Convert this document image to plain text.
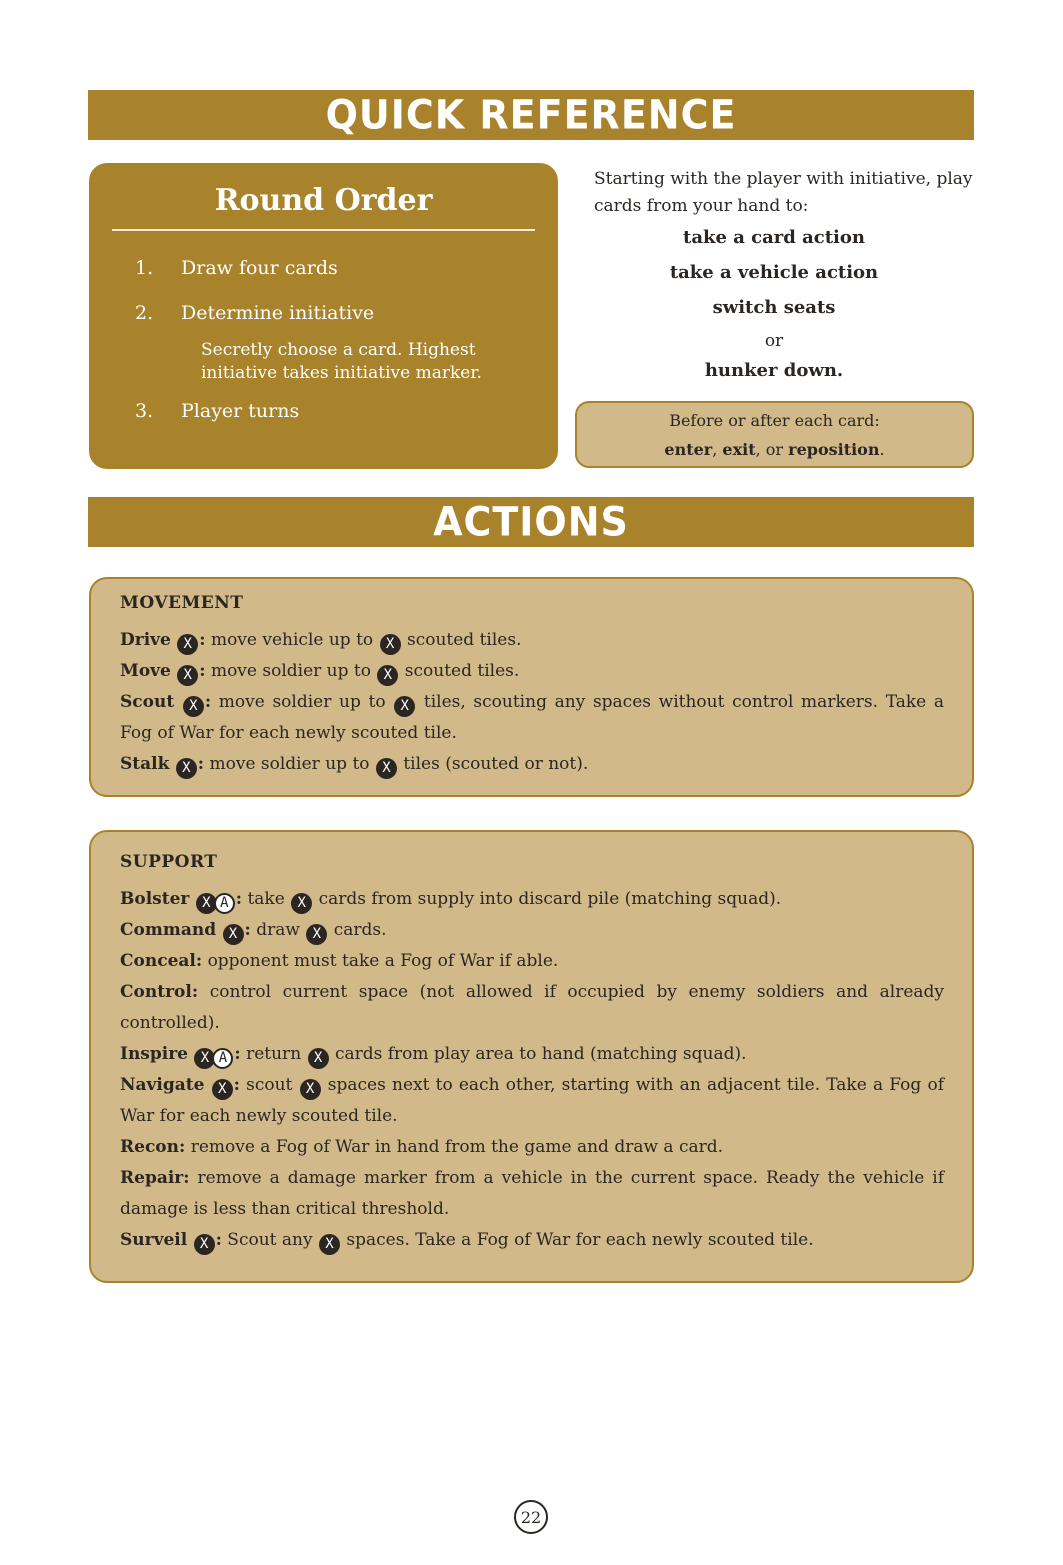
QUICK REFERENCE
Round Order
1. Draw four cards
2. Determine initiative
Secretly choose a card. Highest initiative takes initiative marker.
3. Player turns
Starting with the player with initiative, play cards from your hand to:
take a card action
take a vehicle action
switch seats
or
hunker down.
Before or after each card:
enter, exit, or reposition.
ACTIONS
MOVEMENT
Drive X : move vehicle up to X scouted tiles.
Move X : move soldier up to X scouted tiles.
Scout X : move soldier up to X tiles, scouting any spaces without control markers. Take a Fog of War for each newly scouted tile.
Stalk X : move soldier up to X tiles (scouted or not).
SUPPORT
Bolster X A : take X cards from supply into discard pile (matching squad).
Command X : draw X cards.
Conceal: opponent must take a Fog of War if able.
Control: control current space (not allowed if occupied by enemy soldiers and already controlled).
Inspire X A : return X cards from play area to hand (matching squad).
Navigate X : scout X spaces next to each other, starting with an adjacent tile. Take a Fog of War for each newly scouted tile.
Recon: remove a Fog of War in hand from the game and draw a card.
Repair: remove a damage marker from a vehicle in the current space. Ready the vehicle if damage is less than critical threshold.
Surveil X : Scout any X spaces. Take a Fog of War for each newly scouted tile.
22
